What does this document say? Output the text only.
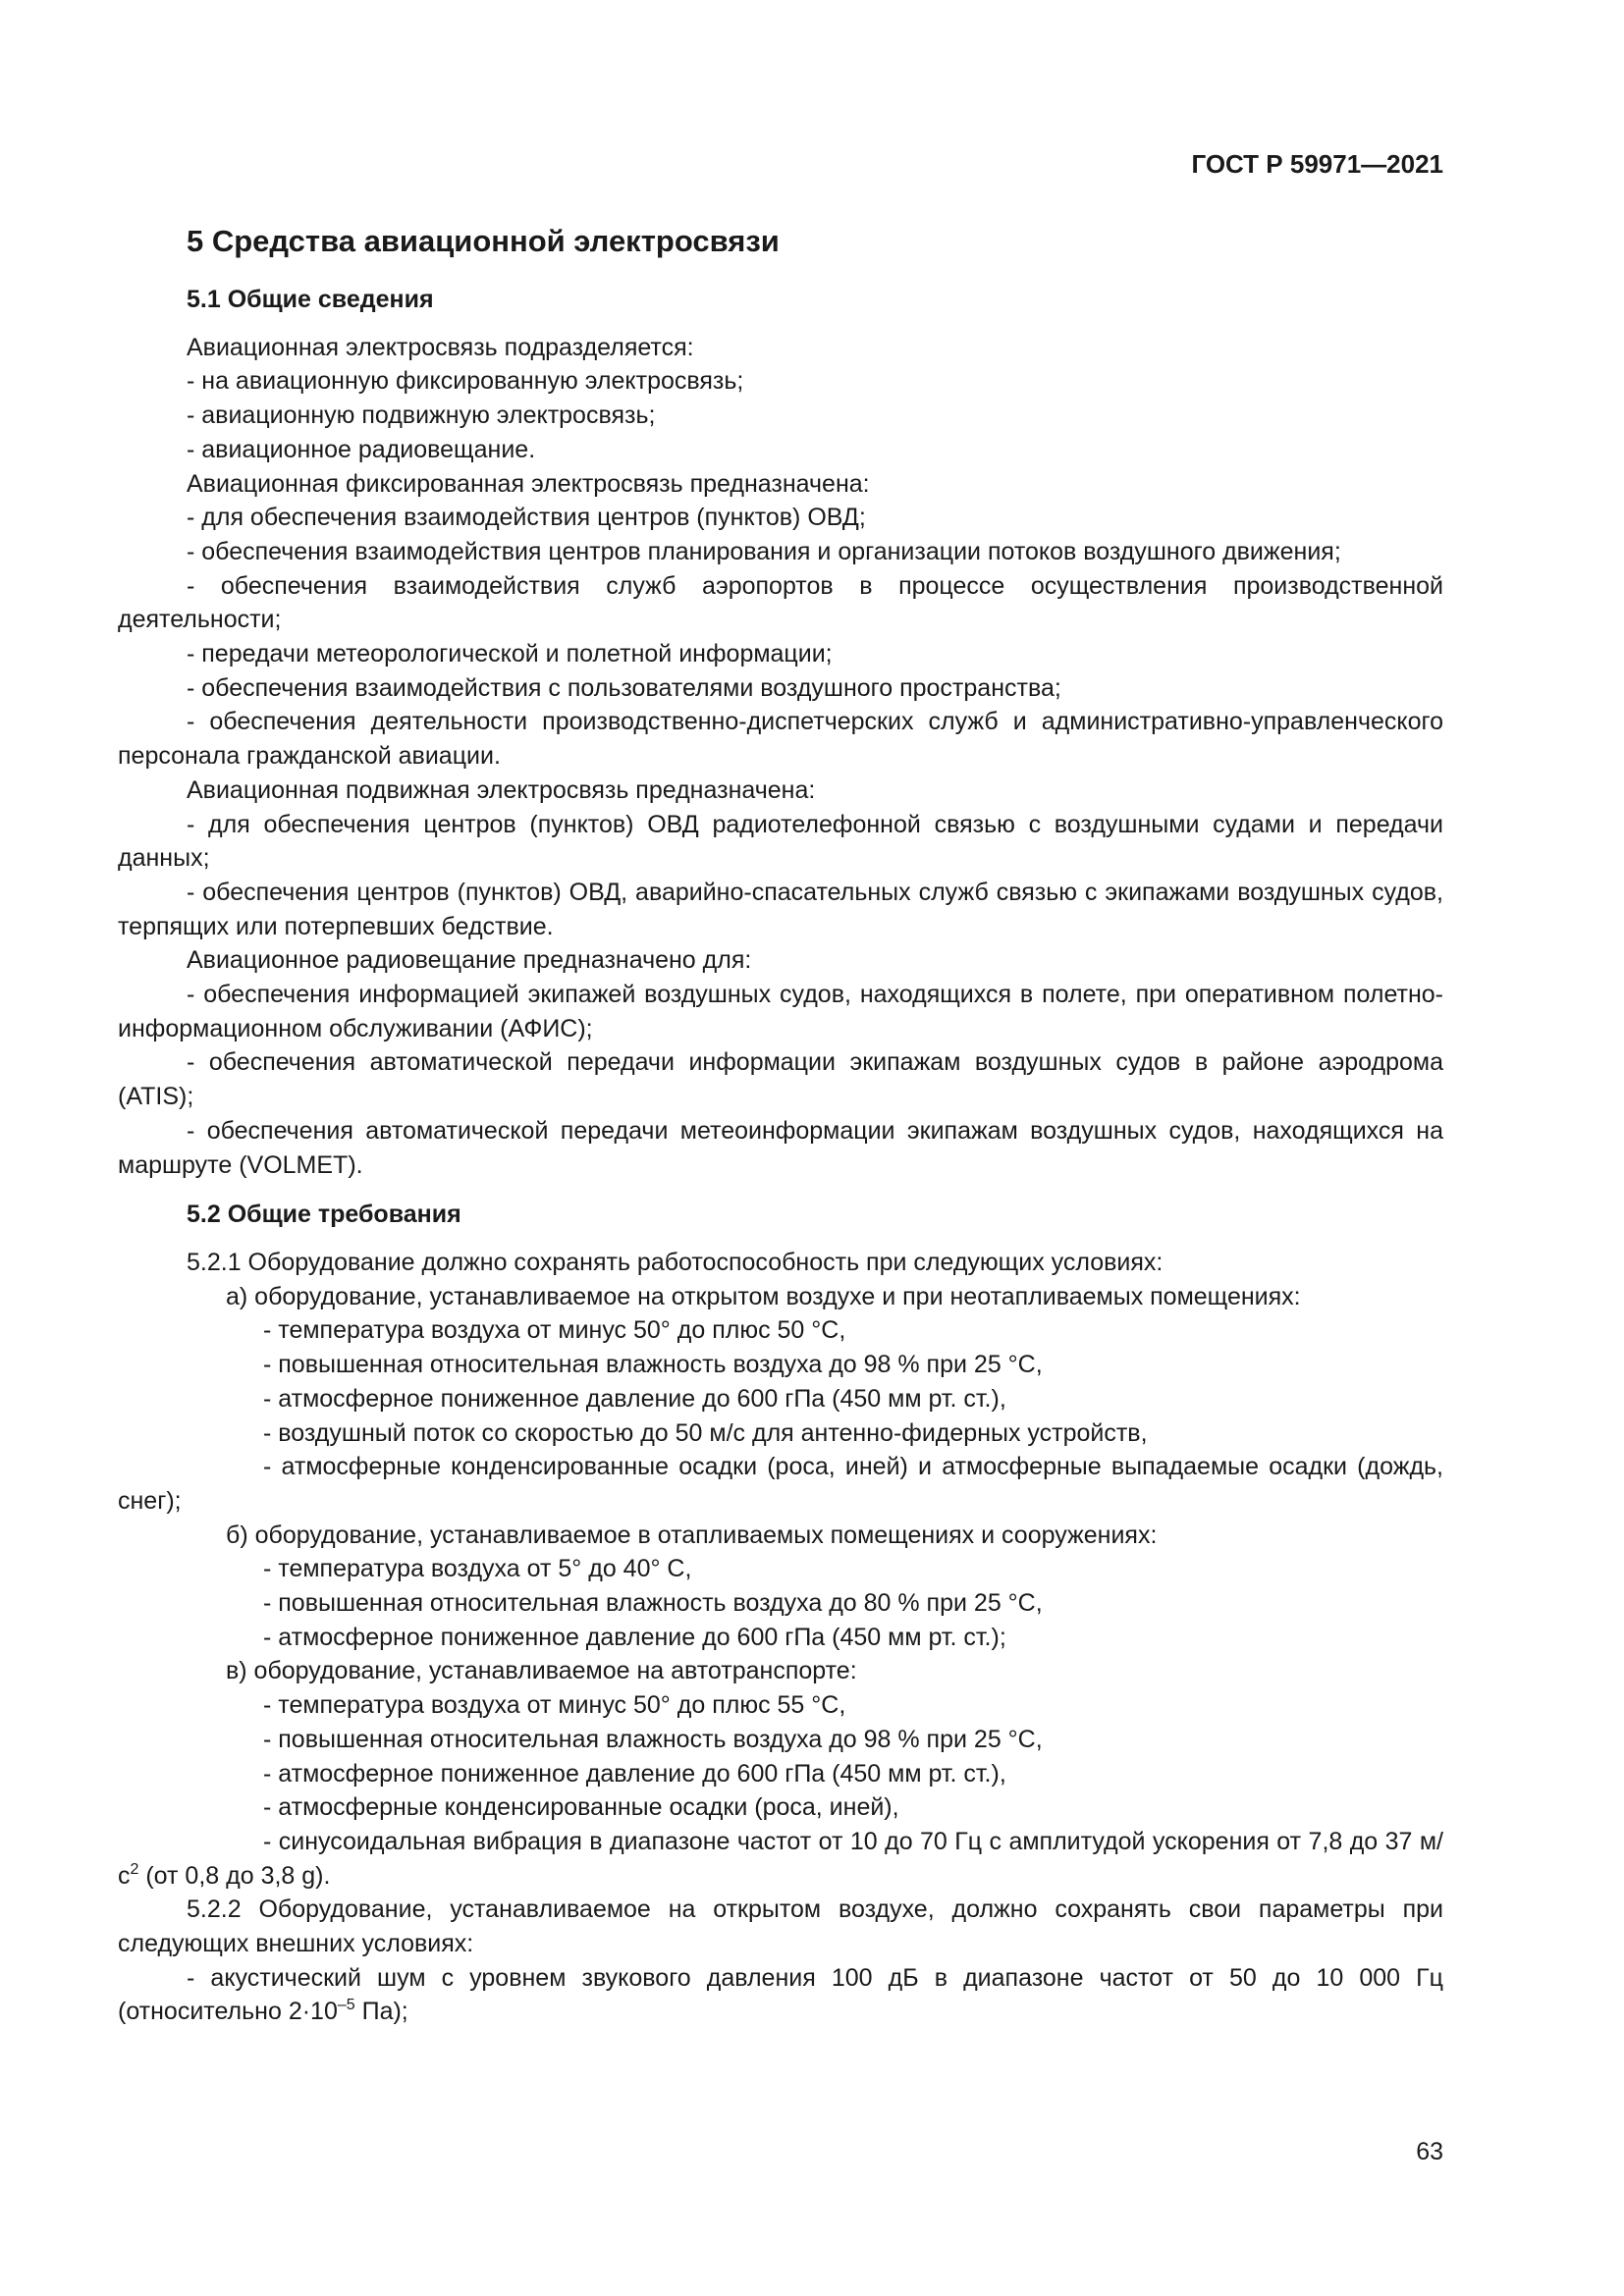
ГОСТ Р 59971—2021

5 Средства авиационной электросвязи

5.1 Общие сведения

Авиационная электросвязь подразделяется:

- на авиационную фиксированную электросвязь;

- авиационную подвижную электросвязь;

- авиационное радиовещание.

Авиационная фиксированная электросвязь предназначена:

- для обеспечения взаимодействия центров (пунктов) ОВД;

- обеспечения взаимодействия центров планирования и организации потоков воздушного движения;

- обеспечения взаимодействия служб аэропортов в процессе осуществления производственной деятельности;

- передачи метеорологической и полетной информации;

- обеспечения взаимодействия с пользователями воздушного пространства;

- обеспечения деятельности производственно-диспетчерских служб и административно-управленческого персонала гражданской авиации.

Авиационная подвижная электросвязь предназначена:

- для обеспечения центров (пунктов) ОВД радиотелефонной связью с воздушными судами и передачи данных;

- обеспечения центров (пунктов) ОВД, аварийно-спасательных служб связью с экипажами воздушных судов, терпящих или потерпевших бедствие.

Авиационное радиовещание предназначено для:

- обеспечения информацией экипажей воздушных судов, находящихся в полете, при оперативном полетно-информационном обслуживании (АФИС);

- обеспечения автоматической передачи информации экипажам воздушных судов в районе аэродрома (ATIS);

- обеспечения автоматической передачи метеоинформации экипажам воздушных судов, находящихся на маршруте (VOLMET).

5.2 Общие требования

5.2.1 Оборудование должно сохранять работоспособность при следующих условиях:

а) оборудование, устанавливаемое на открытом воздухе и при неотапливаемых помещениях:

- температура воздуха от минус 50° до плюс 50 °С,

- повышенная относительная влажность воздуха до 98 % при 25 °С,

- атмосферное пониженное давление до 600 гПа (450 мм рт. ст.),

- воздушный поток со скоростью до 50 м/с для антенно-фидерных устройств,

- атмосферные конденсированные осадки (роса, иней) и атмосферные выпадаемые осадки (дождь, снег);

б) оборудование, устанавливаемое в отапливаемых помещениях и сооружениях:

- температура воздуха от 5° до 40° С,

- повышенная относительная влажность воздуха до 80 % при 25 °С,

- атмосферное пониженное давление до 600 гПа (450 мм рт. ст.);

в) оборудование, устанавливаемое на автотранспорте:

- температура воздуха от минус 50° до плюс 55 °С,

- повышенная относительная влажность воздуха до 98 % при 25 °С,

- атмосферное пониженное давление до 600 гПа (450 мм рт. ст.),

- атмосферные конденсированные осадки (роса, иней),

- синусоидальная вибрация в диапазоне частот от 10 до 70 Гц с амплитудой ускорения от 7,8 до 37 $м/с^2$ (от 0,8 до 3,8 g).

5.2.2 Оборудование, устанавливаемое на открытом воздухе, должно сохранять свои параметры при следующих внешних условиях:

- акустический шум с уровнем звукового давления 100 дБ в диапазоне частот от 50 до 10 000 Гц (относительно $2\cdot 10^{-5}$ Па);

63
